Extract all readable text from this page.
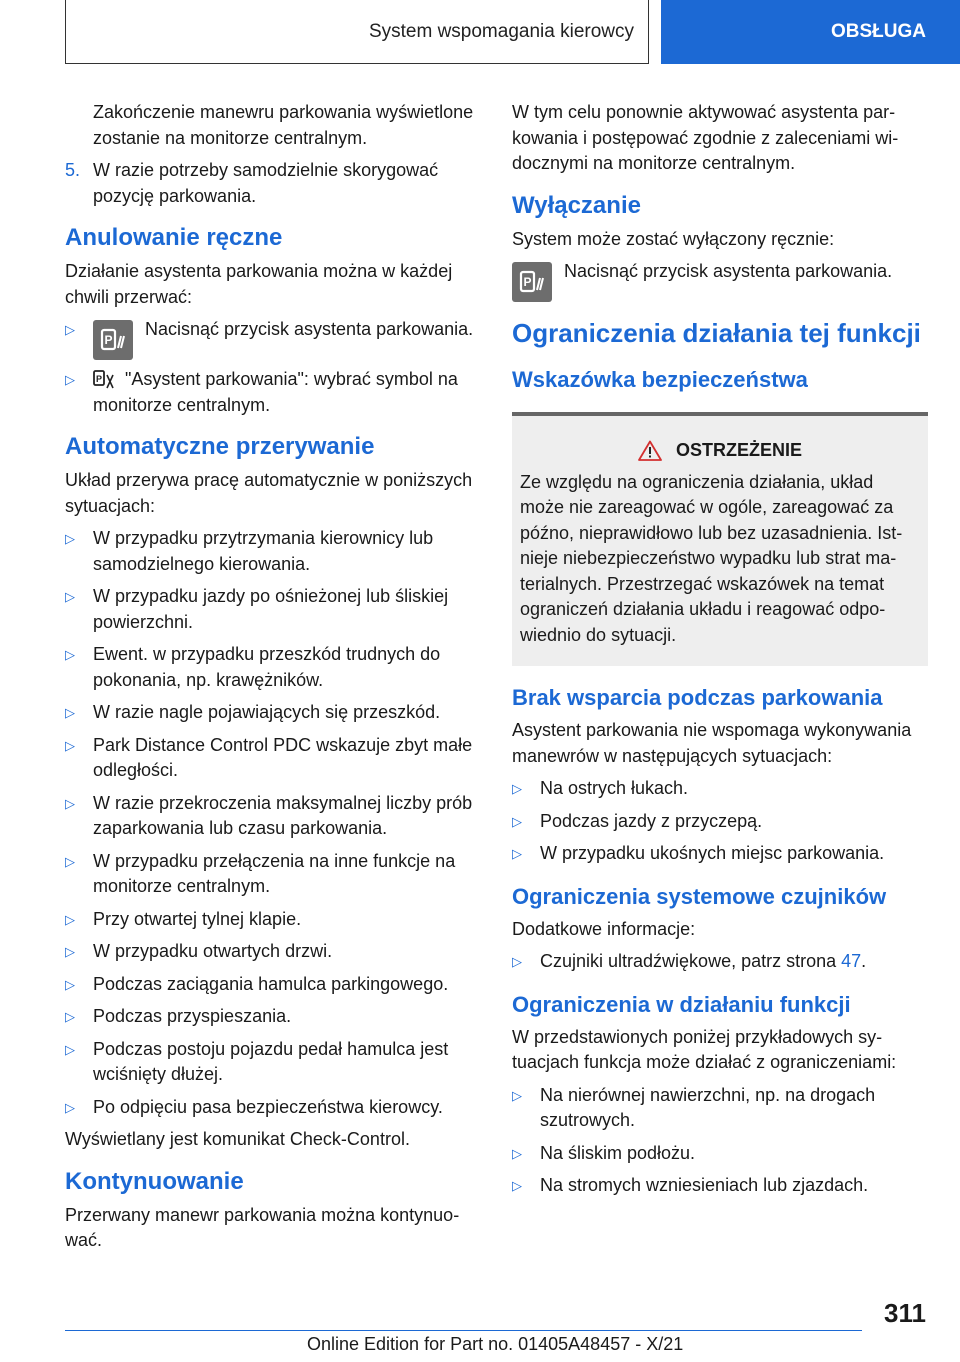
System wspomagania kierowcy	OBSŁUGA

Zakończenie manewru parkowania wyświetlone zostanie na monitorze centralnym.

5. W razie potrzeby samodzielnie skorygować pozycję parkowania.
Anulowanie ręczne

Działanie asystenta parkowania można w każdej chwili przerwać:

▷
P
Nacisnąć przycisk asystenta parkowania.
▷	P "Asystent parkowania": wybrać symbol na monitorze centralnym.
Automatyczne przerywanie

Układ przerywa pracę automatycznie w poniższych sytuacjach:

▷	W przypadku przytrzymania kierownicy lub samodzielnego kierowania.
▷	W przypadku jazdy po ośnieżonej lub śliskiej powierzchni.
▷	Ewent. w przypadku przeszkód trudnych do pokonania, np. krawężników.
▷	W razie nagle pojawiających się przeszkód.
▷	Park Distance Control PDC wskazuje zbyt małe odległości.
▷	W razie przekroczenia maksymalnej liczby prób zaparkowania lub czasu parkowania.
▷	W przypadku przełączenia na inne funkcje na monitorze centralnym.
▷	Przy otwartej tylnej klapie.
▷	W przypadku otwartych drzwi.
▷	Podczas zaciągania hamulca parkingowego.
▷	Podczas przyspieszania.
▷	Podczas postoju pojazdu pedał hamulca jest wciśnięty dłużej.
▷	Po odpięciu pasa bezpieczeństwa kierowcy.

Wyświetlany jest komunikat Check-Control.

Kontynuowanie

Przerwany manewr parkowania można kontynuować.

W tym celu ponownie aktywować asystenta parkowania i postępować zgodnie z zaleceniami widocznymi na monitorze centralnym.

Wyłączanie

System może zostać wyłączony ręcznie:

P
Nacisnąć przycisk asystenta parkowania.
Ograniczenia działania tej funkcji
Wskazówka bezpieczeństwa
OSTRZEŻENIE

Ze względu na ograniczenia działania, układ może nie zareagować w ogóle, zareagować za późno, nieprawidłowo lub bez uzasadnienia. Istnieje niebezpieczeństwo wypadku lub strat materialnych. Przestrzegać wskazówek na temat ograniczeń działania układu i reagować odpowiednio do sytuacji.

Brak wsparcia podczas parkowania

Asystent parkowania nie wspomaga wykonywania manewrów w następujących sytuacjach:

▷	Na ostrych łukach.
▷	Podczas jazdy z przyczepą.
▷	W przypadku ukośnych miejsc parkowania.
Ograniczenia systemowe czujników

Dodatkowe informacje:

▷	Czujniki ultradźwiękowe, patrz strona 47.
Ograniczenia w działaniu funkcji

W przedstawionych poniżej przykładowych sytuacjach funkcja może działać z ograniczeniami:

▷	Na nierównej nawierzchni, np. na drogach szutrowych.
▷	Na śliskim podłożu.
▷	Na stromych wzniesieniach lub zjazdach.
311
Online Edition for Part no. 01405A48457 - X/21
